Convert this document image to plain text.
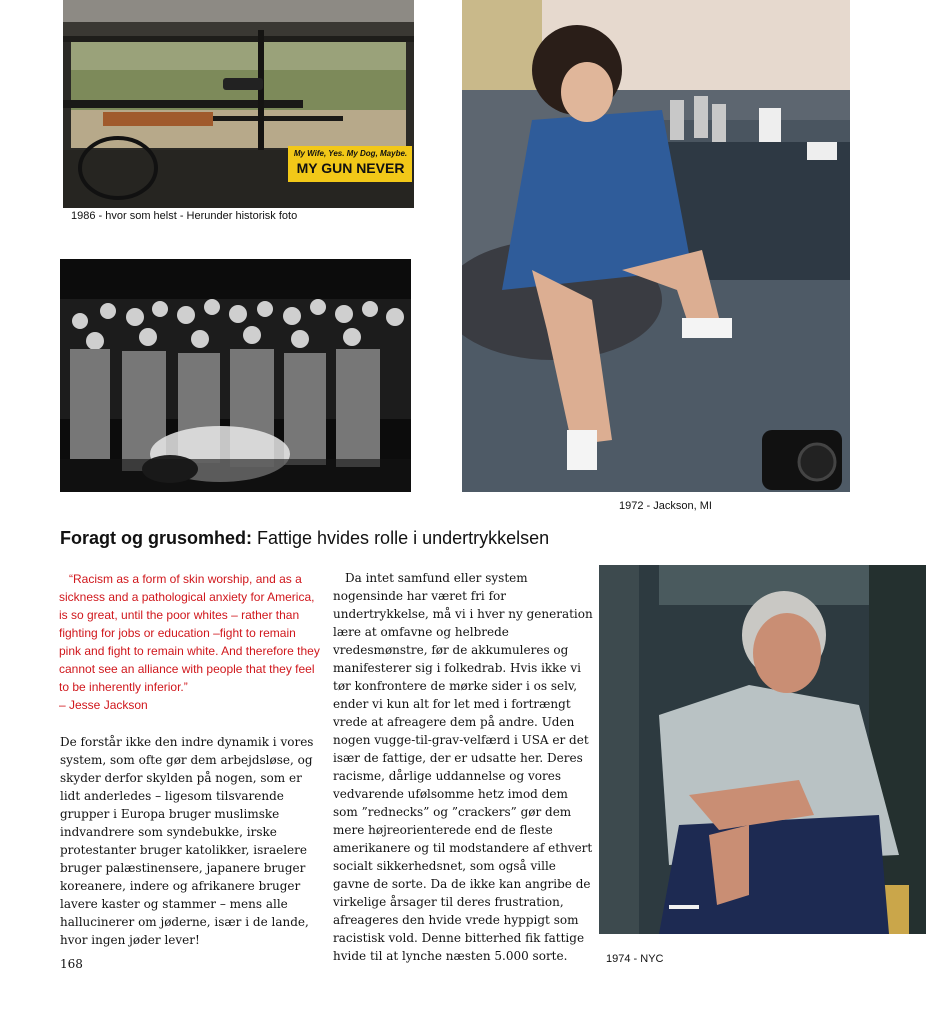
My Wife, Yes. My Dog, Maybe.
MY GUN NEVER
1986 - hvor som helst - Herunder historisk foto
1972 - Jackson, MI
Foragt og grusomhed: Fattige hvides rolle i undertrykkelsen

“Racism as a form of skin worship, and as a sickness and a pathological anxiety for America, is so great, until the poor whites – rather than fighting for jobs or education –fight to remain pink and fight to remain white. And therefore they cannot see an alliance with people that they feel to be inherently inferior.”

– Jesse Jackson

De forstår ikke den indre dynamik i vores system, som ofte gør dem arbejdsløse, og skyder derfor skylden på nogen, som er lidt anderledes – ligesom tilsvarende grupper i Europa bruger muslimske indvandrere som syndebukke, irske protestanter bruger katolikker, israelere bruger palæstinensere, japanere bruger koreanere, indere og afrikanere bruger lavere kaster og stammer – mens alle hallucinerer om jøderne, især i de lande, hvor ingen jøder lever!

Da intet samfund eller system nogensinde har været fri for undertrykkelse, må vi i hver ny generation lære at omfavne og helbrede vredesmønstre, før de akkumuleres og manifesterer sig i folkedrab. Hvis ikke vi tør konfrontere de mørke sider i os selv, ender vi kun alt for let med i fortrængt vrede at afreagere dem på andre. Uden nogen vugge-til-grav-velfærd i USA er det især de fattige, der er udsatte her. Deres racisme, dårlige uddannelse og vores vedvarende ufølsomme hetz imod dem som ”rednecks” og ”crackers” gør dem mere højreorienterede end de fleste amerikanere og til modstandere af ethvert socialt sikkerhedsnet, som også ville gavne de sorte. Da de ikke kan angribe de virkelige årsager til deres frustration, afreageres den hvide vrede hyppigt som racistisk vold. Denne bitterhed fik fattige hvide til at lynche næsten 5.000 sorte.	1974 - NYC
168
